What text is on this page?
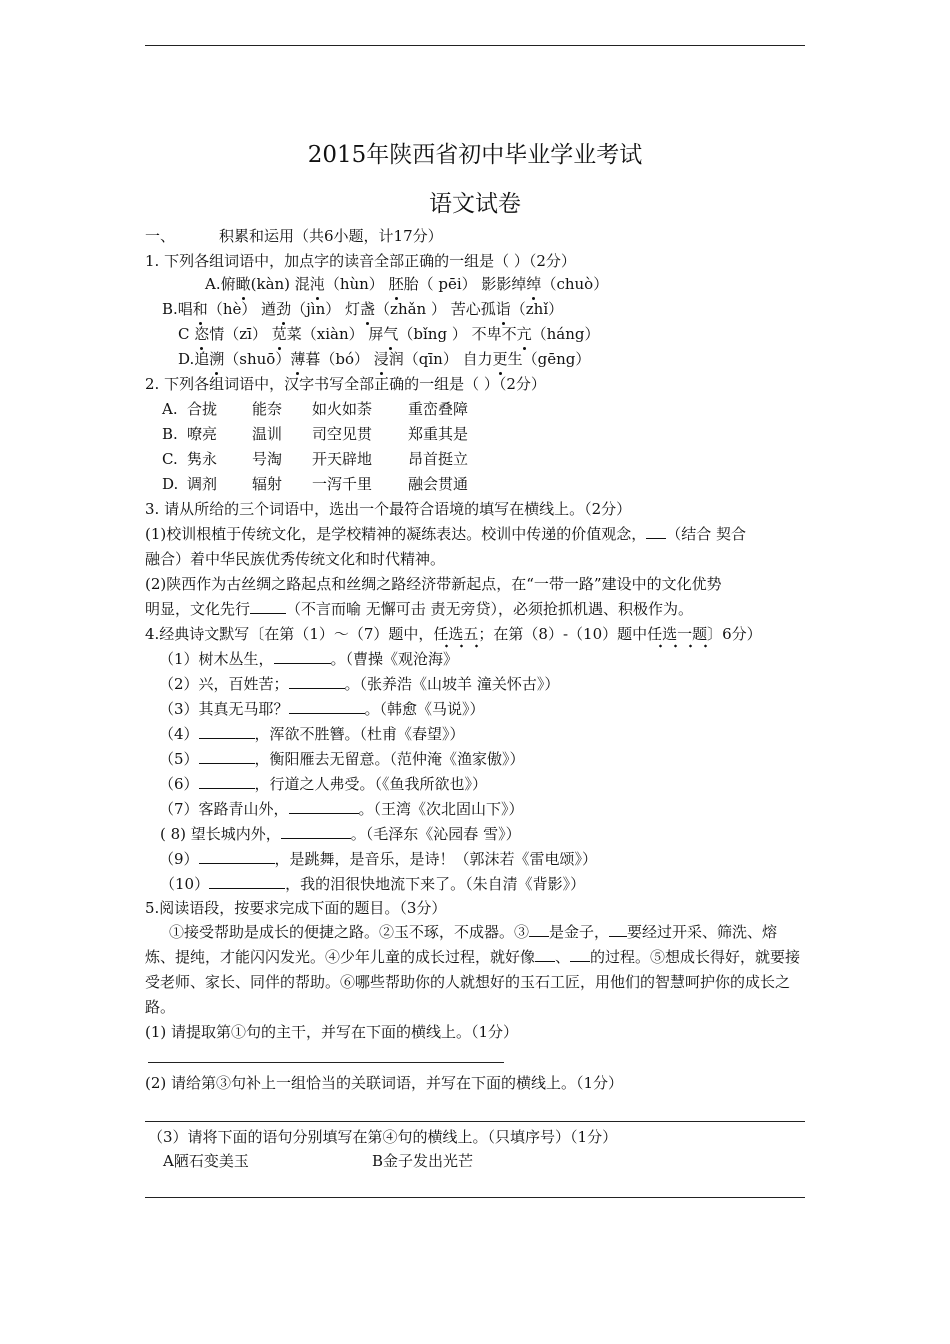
2015年陕西省初中毕业学业考试
语文试卷
一、	积累和运用（共6小题，计17分）
1. 下列各组词语中，加点字的读音全部正确的一组是（ ）（2分）
A.俯瞰(kàn) 混沌（hùn） 胚胎（ pēi） 影影绰绰（chuò）
B.唱和（hè） 遒劲（jìn） 灯盏（zhǎn ） 苦心孤诣（zhǐ）
C 恣情（zī） 苋菜（xiàn） 屏气（bǐng ） 不卑不亢（háng）
D.追溯（shuō）薄暮（bó） 浸润（qīn） 自力更生（gēng）
2. 下列各组词语中，汉字书写全部正确的一组是（ ）（2分）
A. 合拢 能奈 如火如荼 重峦叠障
B. 嘹亮 温训 司空见贯 郑重其是
C. 隽永 号淘 开天辟地 昂首挺立
D. 调剂 辐射 一泻千里 融会贯通
3. 请从所给的三个词语中，选出一个最符合语境的填写在横线上。（2分）
(1)校训根植于传统文化，是学校精神的凝练表达。校训中传递的价值观念， （结合 契合
融合）着中华民族优秀传统文化和时代精神。
(2)陕西作为古丝绸之路起点和丝绸之路经济带新起点，在“一带一路”建设中的文化优势
明显，文化先行 （不言而喻 无懈可击 责无旁贷），必须抢抓机遇、积极作为。
4.经典诗文默写〔在第（1）～（7）题中，任选五；在第（8）-（10）题中任选一题〕6分）
（1）树木丛生，	。（曹操《观沧海》
（2）兴，百姓苦；	。（张养浩《山坡羊 潼关怀古》）
（3）其真无马耶？	。（韩愈《马说》）
（4）	，浑欲不胜簪。（杜甫《春望》）
（5）	，衡阳雁去无留意。（范仲淹《渔家傲》）
（6）	，行道之人弗受。（《鱼我所欲也》）
（7）客路青山外，	。（王湾《次北固山下》）
( 8) 望长城内外，	。（毛泽东《沁园春 雪》）
（9）	，是跳舞，是音乐，是诗！（郭沫若《雷电颂》）
（10）	，我的泪很快地流下来了。（朱自清《背影》）
5.阅读语段，按要求完成下面的题目。（3分）
①接受帮助是成长的便捷之路。②玉不琢，不成器。③ 是金子， 要经过开采、筛洗、熔炼、提纯，才能闪闪发光。④少年儿童的成长过程，就好像 、 的过程。⑤想成长得好，就要接受老师、家长、同伴的帮助。⑥哪些帮助你的人就想好的玉石工匠，用他们的智慧呵护你的成长之路。
(1) 请提取第①句的主干，并写在下面的横线上。（1分）
(2) 请给第③句补上一组恰当的关联词语，并写在下面的横线上。（1分）
（3）请将下面的语句分别填写在第④句的横线上。（只填序号）（1分）
A陋石变美玉	B金子发出光芒
